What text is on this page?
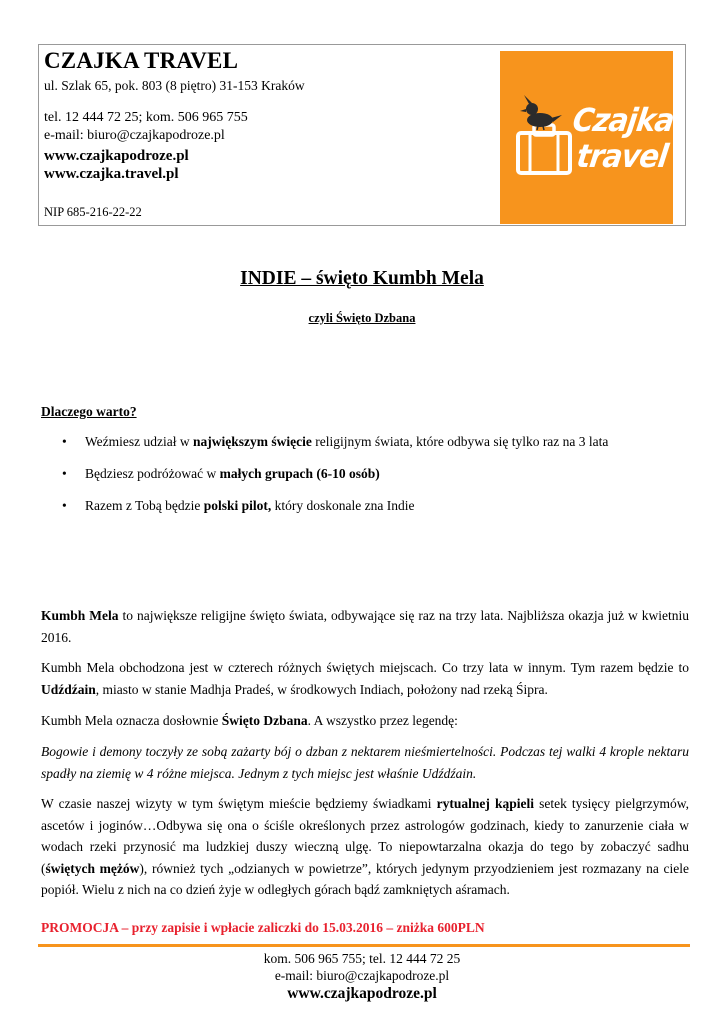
CZAJKA TRAVEL
ul. Szlak 65, pok. 803 (8 piętro) 31-153 Kraków
tel. 12 444 72 25; kom. 506 965 755
e-mail: biuro@czajkapodroze.pl
www.czajkapodroze.pl
www.czajka.travel.pl
NIP 685-216-22-22
Czajka
travel
INDIE – święto Kumbh Mela
czyli Święto Dzbana
Dlaczego warto?
• Weźmiesz udział w największym święcie religijnym świata, które odbywa się tylko raz na 3 lata
• Będziesz podróżować w małych grupach (6-10 osób)
• Razem z Tobą będzie polski pilot, który doskonale zna Indie
Kumbh Mela to największe religijne święto świata, odbywające się raz na trzy lata. Najbliższa okazja już w kwietniu 2016.
Kumbh Mela obchodzona jest w czterech różnych świętych miejscach. Co trzy lata w innym. Tym razem będzie to Udźdźain, miasto w stanie Madhja Pradeś, w środkowych Indiach, położony nad rzeką Śipra.
Kumbh Mela oznacza dosłownie Święto Dzbana. A wszystko przez legendę:
Bogowie i demony toczyły ze sobą zażarty bój o dzban z nektarem nieśmiertelności. Podczas tej walki 4 krople nektaru spadły na ziemię w 4 różne miejsca. Jednym z tych miejsc jest właśnie Udźdźain.
W czasie naszej wizyty w tym świętym mieście będziemy świadkami rytualnej kąpieli setek tysięcy pielgrzymów, ascetów i joginów…Odbywa się ona o ściśle określonych przez astrologów godzinach, kiedy to zanurzenie ciała w wodach rzeki przynosić ma ludzkiej duszy wieczną ulgę. To niepowtarzalna okazja do tego by zobaczyć sadhu (świętych mężów), również tych „odzianych w powietrze”, których jedynym przyodzieniem jest rozmazany na ciele popiół. Wielu z nich na co dzień żyje w odległych górach bądź zamkniętych aśramach.
PROMOCJA – przy zapisie i wpłacie zaliczki do 15.03.2016 – zniżka 600PLN
kom. 506 965 755; tel. 12 444 72 25
e-mail: biuro@czajkapodroze.pl
www.czajkapodroze.pl
